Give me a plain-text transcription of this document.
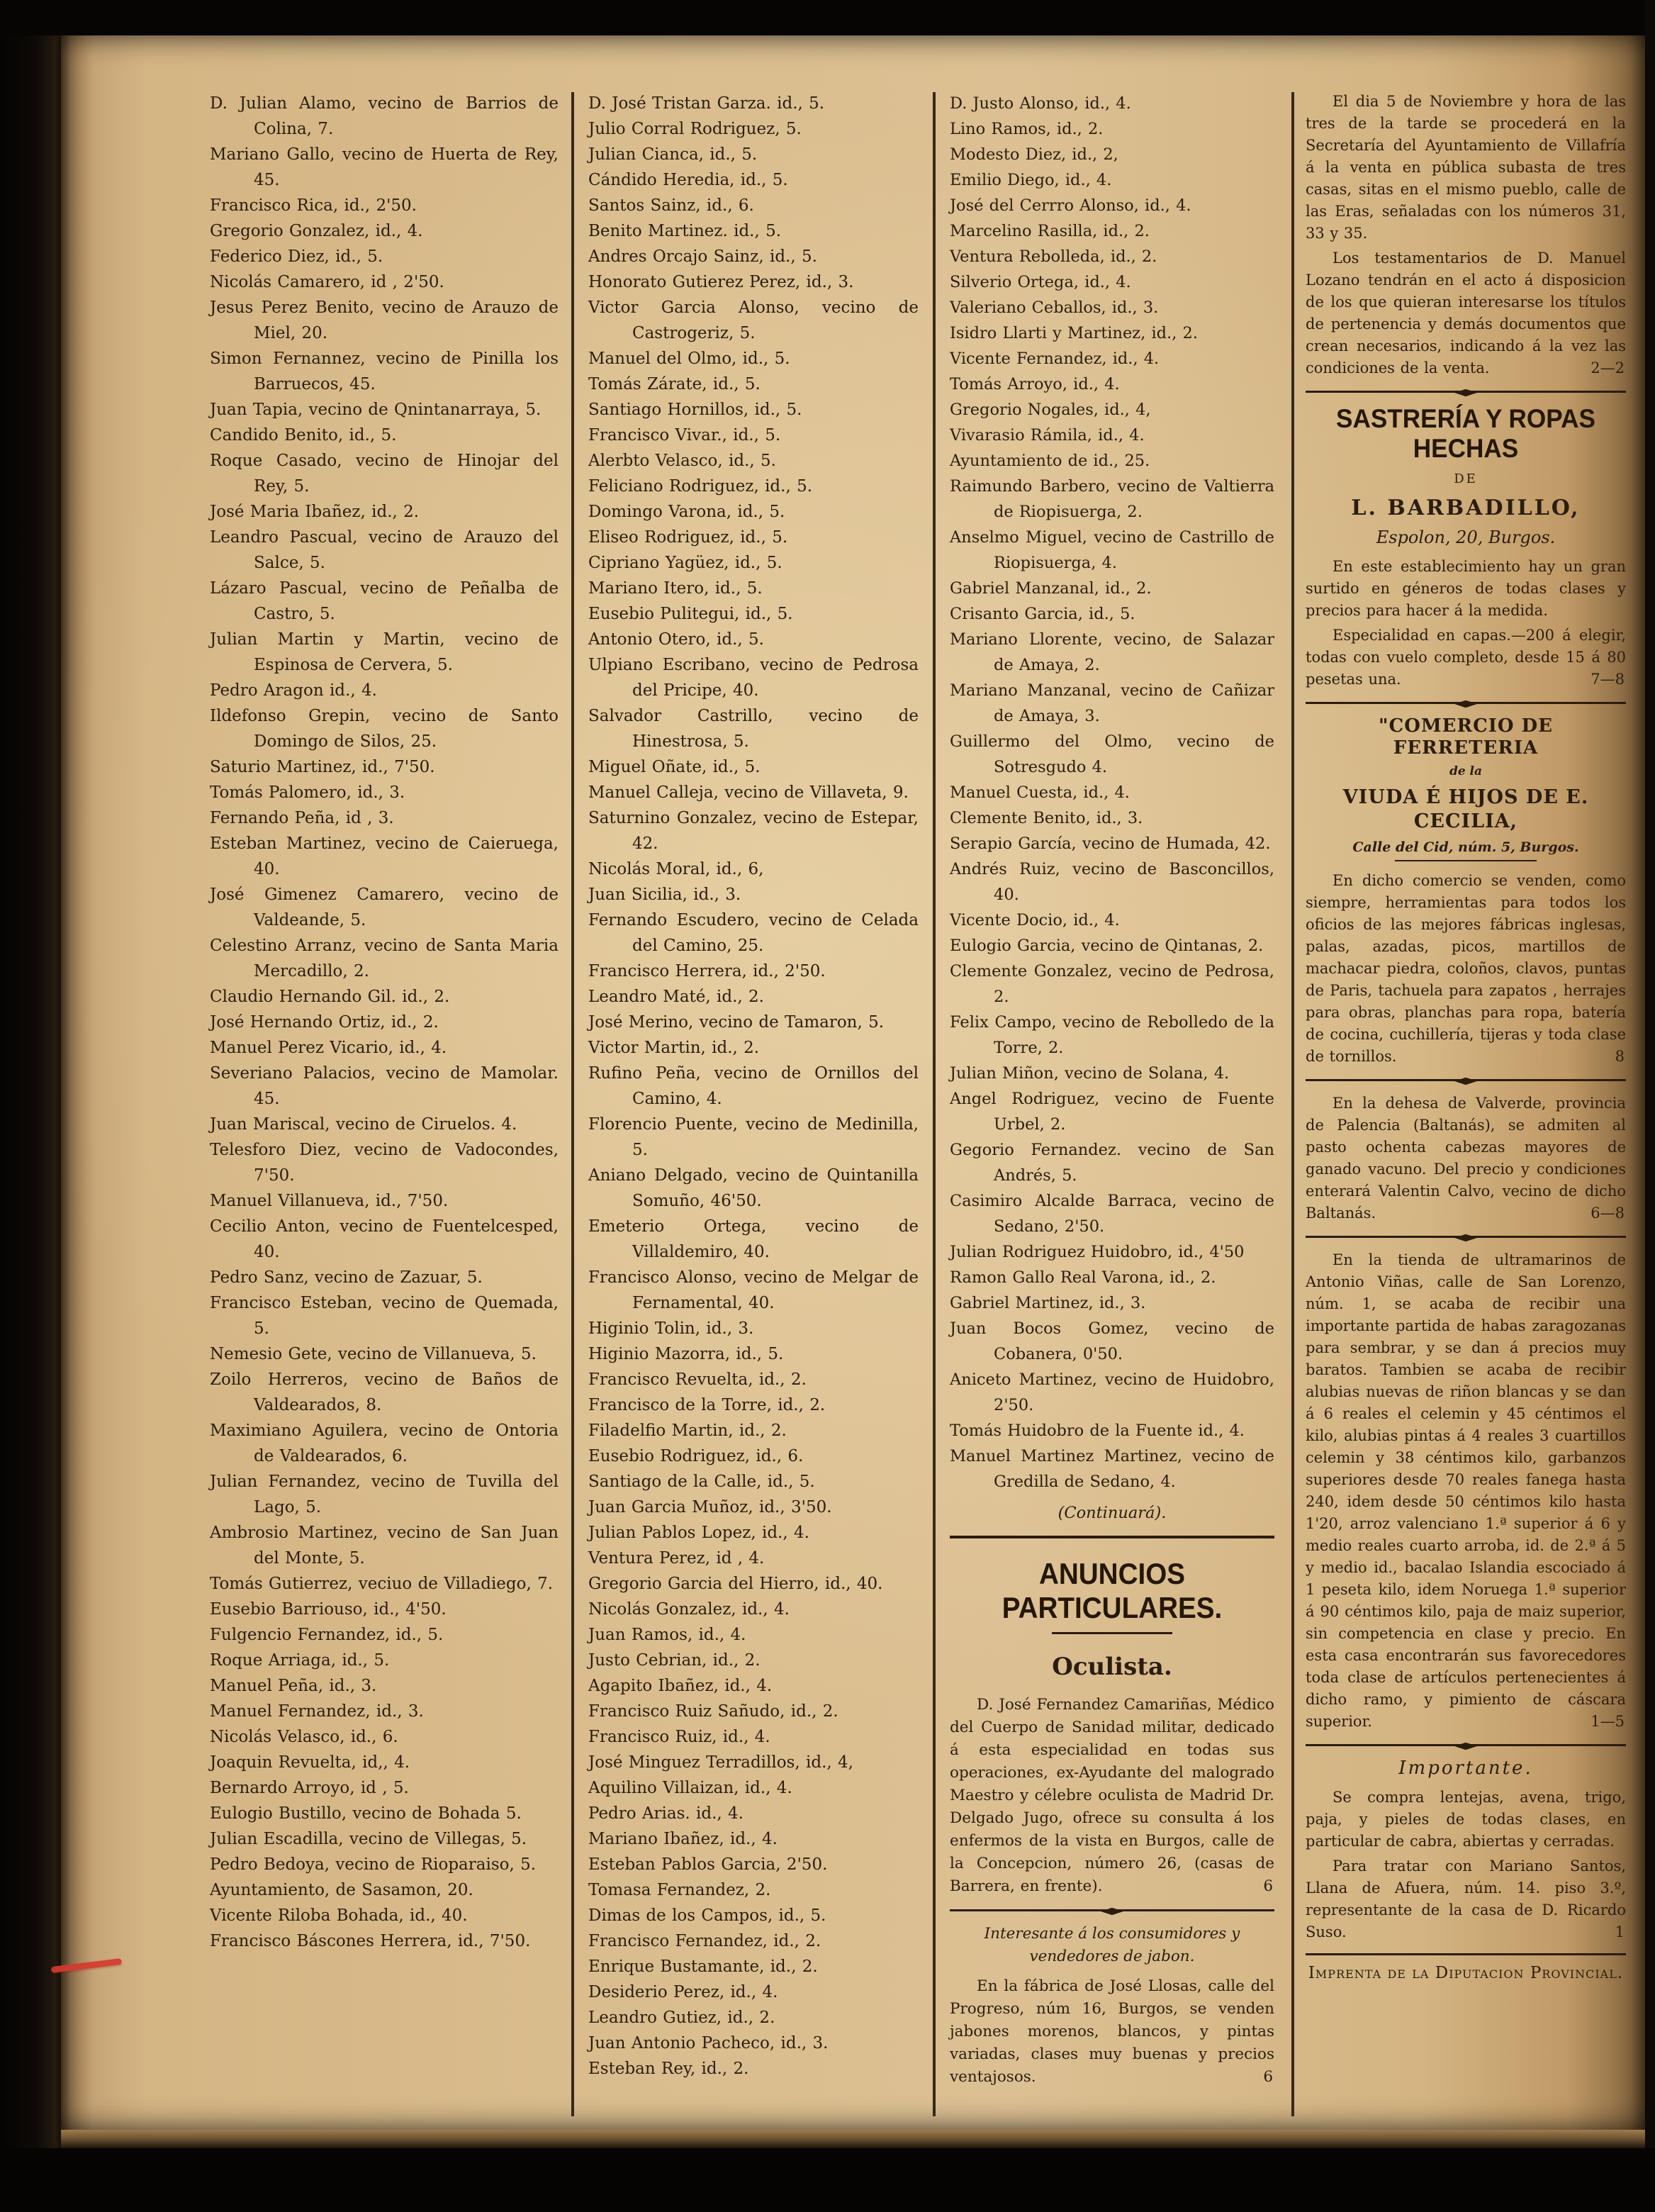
D. Julian Alamo, vecino de Barrios de Colina, 7.
Mariano Gallo, vecino de Huerta de Rey, 45.
Francisco Rica, id., 2'50.
Gregorio Gonzalez, id., 4.
Federico Diez, id., 5.
Nicolás Camarero, id , 2'50.
Jesus Perez Benito, vecino de Arauzo de Miel, 20.
Simon Fernannez, vecino de Pinilla los Barruecos, 45.
Juan Tapia, vecino de Qnintanarraya, 5.
Candido Benito, id., 5.
Roque Casado, vecino de Hinojar del Rey, 5.
José Maria Ibañez, id., 2.
Leandro Pascual, vecino de Arauzo del Salce, 5.
Lázaro Pascual, vecino de Peñalba de Castro, 5.
Julian Martin y Martin, vecino de Espinosa de Cervera, 5.
Pedro Aragon id., 4.
Ildefonso Grepin, vecino de Santo Domingo de Silos, 25.
Saturio Martinez, id., 7'50.
Tomás Palomero, id., 3.
Fernando Peña, id , 3.
Esteban Martinez, vecino de Caieruega, 40.
José Gimenez Camarero, vecino de Valdeande, 5.
Celestino Arranz, vecino de Santa Maria Mercadillo, 2.
Claudio Hernando Gil. id., 2.
José Hernando Ortiz, id., 2.
Manuel Perez Vicario, id., 4.
Severiano Palacios, vecino de Mamolar. 45.
Juan Mariscal, vecino de Ciruelos. 4.
Telesforo Diez, vecino de Vadocondes, 7'50.
Manuel Villanueva, id., 7'50.
Cecilio Anton, vecino de Fuentelcesped, 40.
Pedro Sanz, vecino de Zazuar, 5.
Francisco Esteban, vecino de Quemada, 5.
Nemesio Gete, vecino de Villanueva, 5.
Zoilo Herreros, vecino de Baños de Valdearados, 8.
Maximiano Aguilera, vecino de Ontoria de Valdearados, 6.
Julian Fernandez, vecino de Tuvilla del Lago, 5.
Ambrosio Martinez, vecino de San Juan del Monte, 5.
Tomás Gutierrez, veciuo de Villadiego, 7.
Eusebio Barriouso, id., 4'50.
Fulgencio Fernandez, id., 5.
Roque Arriaga, id., 5.
Manuel Peña, id., 3.
Manuel Fernandez, id., 3.
Nicolás Velasco, id., 6.
Joaquin Revuelta, id,, 4.
Bernardo Arroyo, id , 5.
Eulogio Bustillo, vecino de Bohada 5.
Julian Escadilla, vecino de Villegas, 5.
Pedro Bedoya, vecino de Rioparaiso, 5.
Ayuntamiento, de Sasamon, 20.
Vicente Riloba Bohada, id., 40.
Francisco Báscones Herrera, id., 7'50.
D. José Tristan Garza. id., 5.
Julio Corral Rodriguez, 5.
Julian Cianca, id., 5.
Cándido Heredia, id., 5.
Santos Sainz, id., 6.
Benito Martinez. id., 5.
Andres Orcajo Sainz, id., 5.
Honorato Gutierez Perez, id., 3.
Victor Garcia Alonso, vecino de Castrogeriz, 5.
Manuel del Olmo, id., 5.
Tomás Zárate, id., 5.
Santiago Hornillos, id., 5.
Francisco Vivar., id., 5.
Alerbto Velasco, id., 5.
Feliciano Rodriguez, id., 5.
Domingo Varona, id., 5.
Eliseo Rodriguez, id., 5.
Cipriano Yagüez, id., 5.
Mariano Itero, id., 5.
Eusebio Pulitegui, id., 5.
Antonio Otero, id., 5.
Ulpiano Escribano, vecino de Pedrosa del Pricipe, 40.
Salvador Castrillo, vecino de Hinestrosa, 5.
Miguel Oñate, id., 5.
Manuel Calleja, vecino de Villaveta, 9.
Saturnino Gonzalez, vecino de Estepar, 42.
Nicolás Moral, id., 6,
Juan Sicilia, id., 3.
Fernando Escudero, vecino de Celada del Camino, 25.
Francisco Herrera, id., 2'50.
Leandro Maté, id., 2.
José Merino, vecino de Tamaron, 5.
Victor Martin, id., 2.
Rufino Peña, vecino de Ornillos del Camino, 4.
Florencio Puente, vecino de Medinilla, 5.
Aniano Delgado, vecino de Quintanilla Somuño, 46'50.
Emeterio Ortega, vecino de Villaldemiro, 40.
Francisco Alonso, vecino de Melgar de Fernamental, 40.
Higinio Tolin, id., 3.
Higinio Mazorra, id., 5.
Francisco Revuelta, id., 2.
Francisco de la Torre, id., 2.
Filadelfio Martin, id., 2.
Eusebio Rodriguez, id., 6.
Santiago de la Calle, id., 5.
Juan Garcia Muñoz, id., 3'50.
Julian Pablos Lopez, id., 4.
Ventura Perez, id , 4.
Gregorio Garcia del Hierro, id., 40.
Nicolás Gonzalez, id., 4.
Juan Ramos, id., 4.
Justo Cebrian, id., 2.
Agapito Ibañez, id., 4.
Francisco Ruiz Sañudo, id., 2.
Francisco Ruiz, id., 4.
José Minguez Terradillos, id., 4,
Aquilino Villaizan, id., 4.
Pedro Arias. id., 4.
Mariano Ibañez, id., 4.
Esteban Pablos Garcia, 2'50.
Tomasa Fernandez, 2.
Dimas de los Campos, id., 5.
Francisco Fernandez, id., 2.
Enrique Bustamante, id., 2.
Desiderio Perez, id., 4.
Leandro Gutiez, id., 2.
Juan Antonio Pacheco, id., 3.
Esteban Rey, id., 2.
D. Justo Alonso, id., 4.
Lino Ramos, id., 2.
Modesto Diez, id., 2,
Emilio Diego, id., 4.
José del Cerrro Alonso, id., 4.
Marcelino Rasilla, id., 2.
Ventura Rebolleda, id., 2.
Silverio Ortega, id., 4.
Valeriano Ceballos, id., 3.
Isidro Llarti y Martinez, id., 2.
Vicente Fernandez, id., 4.
Tomás Arroyo, id., 4.
Gregorio Nogales, id., 4,
Vivarasio Rámila, id., 4.
Ayuntamiento de id., 25.
Raimundo Barbero, vecino de Valtierra de Riopisuerga, 2.
Anselmo Miguel, vecino de Castrillo de Riopisuerga, 4.
Gabriel Manzanal, id., 2.
Crisanto Garcia, id., 5.
Mariano Llorente, vecino, de Salazar de Amaya, 2.
Mariano Manzanal, vecino de Cañizar de Amaya, 3.
Guillermo del Olmo, vecino de Sotresgudo 4.
Manuel Cuesta, id., 4.
Clemente Benito, id., 3.
Serapio García, vecino de Humada, 42.
Andrés Ruiz, vecino de Basconcillos, 40.
Vicente Docio, id., 4.
Eulogio Garcia, vecino de Qintanas, 2.
Clemente Gonzalez, vecino de Pedrosa, 2.
Felix Campo, vecino de Rebolledo de la Torre, 2.
Julian Miñon, vecino de Solana, 4.
Angel Rodriguez, vecino de Fuente Urbel, 2.
Gegorio Fernandez. vecino de San Andrés, 5.
Casimiro Alcalde Barraca, vecino de Sedano, 2'50.
Julian Rodriguez Huidobro, id., 4'50
Ramon Gallo Real Varona, id., 2.
Gabriel Martinez, id., 3.
Juan Bocos Gomez, vecino de Cobanera, 0'50.
Aniceto Martinez, vecino de Huidobro, 2'50.
Tomás Huidobro de la Fuente id., 4.
Manuel Martinez Martinez, vecino de Gredilla de Sedano, 4.
(Continuará).
ANUNCIOS PARTICULARES.
Oculista.

D. José Fernandez Camariñas, Médico del Cuerpo de Sanidad militar, dedicado á esta especialidad en todas sus operaciones, ex-Ayudante del malogrado Maestro y célebre oculista de Madrid Dr. Delgado Jugo, ofrece su consulta á los enfermos de la vista en Burgos, calle de la Concepcion, número 26, (casas de Barrera, en frente).	6

◆
Interesante á los consumidores y vendedores de jabon.

En la fábrica de José Llosas, calle del Progreso, núm 16, Burgos, se venden jabones morenos, blancos, y pintas variadas, clases muy buenas y precios ventajosos.	6

El dia 5 de Noviembre y hora de las tres de la tarde se procederá en la Secretaría del Ayuntamiento de Villafría á la venta en pública subasta de tres casas, sitas en el mismo pueblo, calle de las Eras, señaladas con los números 31, 33 y 35.

Los testamentarios de D. Manuel Lozano tendrán en el acto á disposicion de los que quieran interesarse los títulos de pertenencia y demás documentos que crean necesarios, indicando á la vez las condiciones de la venta.	2—2

◆
SASTRERÍA Y ROPAS HECHAS
DE
L. BARBADILLO,
Espolon, 20, Burgos.

En este establecimiento hay un gran surtido en géneros de todas clases y precios para hacer á la medida.

Especialidad en capas.—200 á elegir, todas con vuelo completo, desde 15 á 80 pesetas una.	7—8

◆
"COMERCIO DE FERRETERIA
de la
VIUDA É HIJOS DE E. CECILIA,
Calle del Cid, núm. 5, Burgos.

En dicho comercio se venden, como siempre, herramientas para todos los oficios de las mejores fábricas inglesas, palas, azadas, picos, martillos de machacar piedra, coloños, clavos, puntas de Paris, tachuela para zapatos , herrajes para obras, planchas para ropa, batería de cocina, cuchillería, tijeras y toda clase de tornillos.	8

◆

En la dehesa de Valverde, provincia de Palencia (Baltanás), se admiten al pasto ochenta cabezas mayores de ganado vacuno. Del precio y condiciones enterará Valentin Calvo, vecino de dicho Baltanás.	6—8

◆

En la tienda de ultramarinos de Antonio Viñas, calle de San Lorenzo, núm. 1, se acaba de recibir una importante partida de habas zaragozanas para sembrar, y se dan á precios muy baratos. Tambien se acaba de recibir alubias nuevas de riñon blancas y se dan á 6 reales el celemin y 45 céntimos el kilo, alubias pintas á 4 reales 3 cuartillos celemin y 38 céntimos kilo, garbanzos superiores desde 70 reales fanega hasta 240, idem desde 50 céntimos kilo hasta 1'20, arroz valenciano 1.ª superior á 6 y medio reales cuarto arroba, id. de 2.ª á 5 y medio id., bacalao Islandia escociado á 1 peseta kilo, idem Noruega 1.ª superior á 90 céntimos kilo, paja de maiz superior, sin competencia en clase y precio. En esta casa encontrarán sus favorecedores toda clase de artículos pertenecientes á dicho ramo, y pimiento de cáscara superior.	1—5

◆
Importante.

Se compra lentejas, avena, trigo, paja, y pieles de todas clases, en particular de cabra, abiertas y cerradas.

Para tratar con Mariano Santos, Llana de Afuera, núm. 14. piso 3.º, representante de la casa de D. Ricardo Suso.	1

Imprenta de la Diputacion Provincial.
